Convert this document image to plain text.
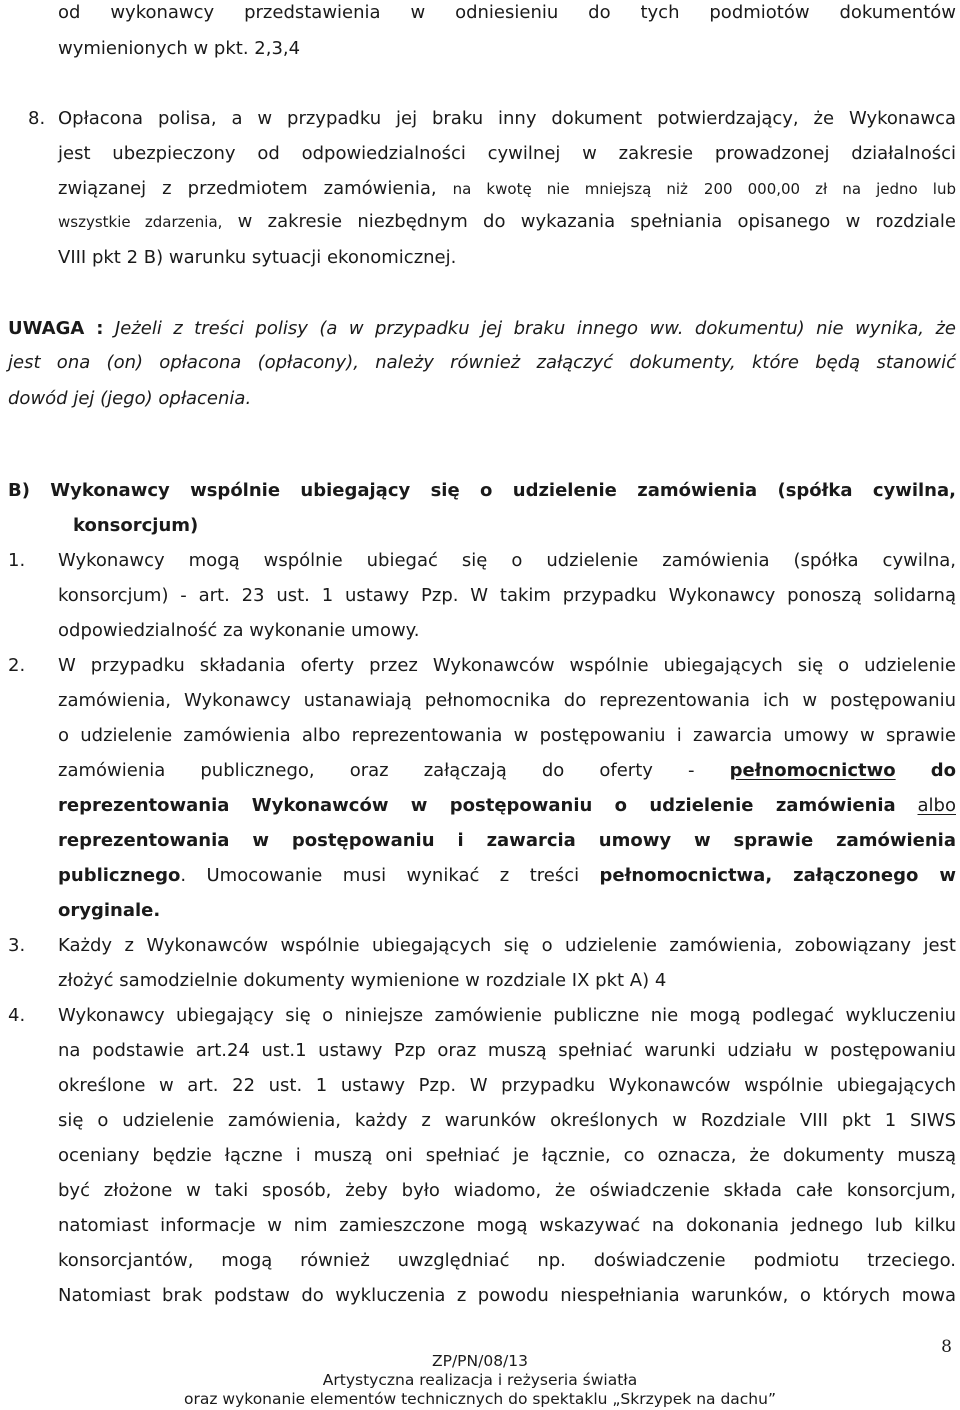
od wykonawcy przedstawienia w odniesieniu do tych podmiotów dokumentów
wymienionych w pkt. 2,3,4
8. Opłacona polisa, a w przypadku jej braku inny dokument potwierdzający, że Wykonawca
jest ubezpieczony od odpowiedzialności cywilnej w zakresie prowadzonej działalności
związanej z przedmiotem zamówienia, na kwotę nie mniejszą niż 200 000,00 zł na jedno lub
wszystkie zdarzenia, w zakresie niezbędnym do wykazania spełniania opisanego w rozdziale
VIII pkt 2 B) warunku sytuacji ekonomicznej.
UWAGA : Jeżeli z treści polisy (a w przypadku jej braku innego ww. dokumentu) nie wynika, że
jest ona (on) opłacona (opłacony), należy również załączyć dokumenty, które będą stanowić
dowód jej (jego) opłacenia.
B) Wykonawcy wspólnie ubiegający się o udzielenie zamówienia (spółka cywilna,
konsorcjum)
1. Wykonawcy mogą wspólnie ubiegać się o udzielenie zamówienia (spółka cywilna,
konsorcjum) - art. 23 ust. 1 ustawy Pzp. W takim przypadku Wykonawcy ponoszą solidarną
odpowiedzialność za wykonanie umowy.
2. W przypadku składania oferty przez Wykonawców wspólnie ubiegających się o udzielenie
zamówienia, Wykonawcy ustanawiają pełnomocnika do reprezentowania ich w postępowaniu
o udzielenie zamówienia albo reprezentowania w postępowaniu i zawarcia umowy w sprawie
zamówienia publicznego, oraz załączają do oferty - pełnomocnictwo do
reprezentowania Wykonawców w postępowaniu o udzielenie zamówienia albo
reprezentowania w postępowaniu i zawarcia umowy w sprawie zamówienia
publicznego. Umocowanie musi wynikać z treści pełnomocnictwa, załączonego w
oryginale.
3. Każdy z Wykonawców wspólnie ubiegających się o udzielenie zamówienia, zobowiązany jest
złożyć samodzielnie dokumenty wymienione w rozdziale IX pkt A) 4
4. Wykonawcy ubiegający się o niniejsze zamówienie publiczne nie mogą podlegać wykluczeniu
na podstawie art.24 ust.1 ustawy Pzp oraz muszą spełniać warunki udziału w postępowaniu
określone w art. 22 ust. 1 ustawy Pzp. W przypadku Wykonawców wspólnie ubiegających
się o udzielenie zamówienia, każdy z warunków określonych w Rozdziale VIII pkt 1 SIWS
oceniany będzie łączne i muszą oni spełniać je łącznie, co oznacza, że dokumenty muszą
być złożone w taki sposób, żeby było wiadomo, że oświadczenie składa całe konsorcjum,
natomiast informacje w nim zamieszczone mogą wskazywać na dokonania jednego lub kilku
konsorcjantów, mogą również uwzględniać np. doświadczenie podmiotu trzeciego.
Natomiast brak podstaw do wykluczenia z powodu niespełniania warunków, o których mowa
8
ZP/PN/08/13
Artystyczna realizacja i reżyseria światła
oraz wykonanie elementów technicznych do spektaklu „Skrzypek na dachu”
